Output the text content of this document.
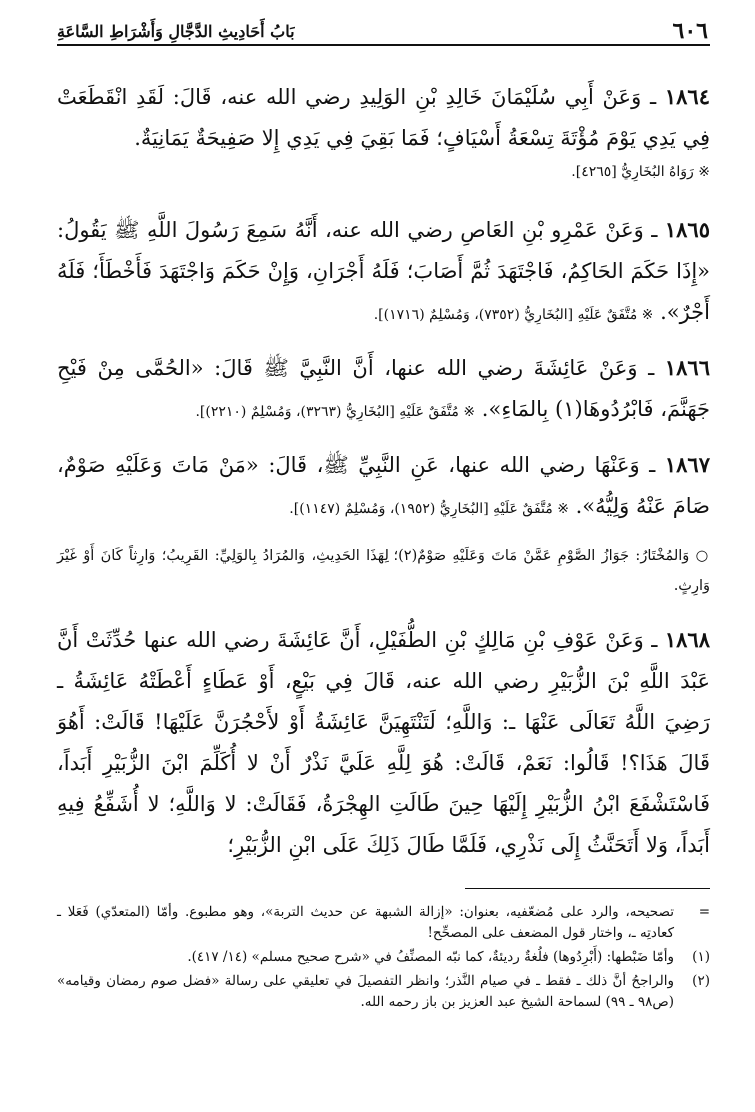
٦٠٦
بَابُ أَحَادِيثِ الدَّجَّالِ وَأَشْرَاطِ السَّاعَةِ
١٨٦٤ ـ وَعَنْ أَبِي سُلَيْمَانَ خَالِدِ بْنِ الوَلِيدِ رضي الله عنه، قَالَ: لَقَدِ انْقَطَعَتْ فِي يَدِي يَوْمَ مُؤْتَةَ تِسْعَةُ أَسْيَافٍ؛ فَمَا بَقِيَ فِي يَدِي إِلا صَفِيحَةٌ يَمَانِيَةٌ.
※ رَوَاهُ البُخَارِيُّ [٤٢٦٥].
١٨٦٥ ـ وَعَنْ عَمْرِو بْنِ العَاصِ رضي الله عنه، أَنَّهُ سَمِعَ رَسُولَ اللَّهِ ﷺ يَقُولُ: «إِذَا حَكَمَ الحَاكِمُ، فَاجْتَهَدَ ثُمَّ أَصَابَ؛ فَلَهُ أَجْرَانِ، وَإِنْ حَكَمَ وَاجْتَهَدَ فَأَخْطَأَ؛ فَلَهُ أَجْرٌ». ※ مُتَّفَقٌ عَلَيْهِ [البُخَارِيُّ (٧٣٥٢)، وَمُسْلِمٌ (١٧١٦)].
١٨٦٦ ـ وَعَنْ عَائِشَةَ رضي الله عنها، أَنَّ النَّبِيَّ ﷺ قَالَ: «الحُمَّى مِنْ فَيْحِ جَهَنَّمَ، فَابْرُدُوهَا(١) بِالمَاءِ». ※ مُتَّفَقٌ عَلَيْهِ [البُخَارِيُّ (٣٢٦٣)، وَمُسْلِمٌ (٢٢١٠)].
١٨٦٧ ـ وَعَنْهَا رضي الله عنها، عَنِ النَّبِيِّ ﷺ، قَالَ: «مَنْ مَاتَ وَعَلَيْهِ صَوْمٌ، صَامَ عَنْهُ وَلِيُّهُ». ※ مُتَّفَقٌ عَلَيْهِ [البُخَارِيُّ (١٩٥٢)، وَمُسْلِمٌ (١١٤٧)].
○ وَالمُخْتَارُ: جَوَازُ الصَّوْمِ عَمَّنْ مَاتَ وَعَلَيْهِ صَوْمٌ(٢)؛ لِهَذَا الحَدِيثِ، وَالمُرَادُ بِالوَلِيِّ: القَرِيبُ؛ وَارِثاً كَانَ أَوْ غَيْرَ وَارِثٍ.
١٨٦٨ ـ وَعَنْ عَوْفِ بْنِ مَالِكٍ بْنِ الطُّفَيْلِ، أَنَّ عَائِشَةَ رضي الله عنها حُدِّثَتْ أَنَّ عَبْدَ اللَّهِ بْنَ الزُّبَيْرِ رضي الله عنه، قَالَ فِي بَيْعٍ، أَوْ عَطَاءٍ أَعْطَتْهُ عَائِشَةُ ـ رَضِيَ اللَّهُ تَعَالَى عَنْهَا ـ: وَاللَّهِ؛ لَتَنْتَهِيَنَّ عَائِشَةُ أَوْ لأَحْجُرَنَّ عَلَيْهَا! قَالَتْ: أَهُوَ قَالَ هَذَا؟! قَالُوا: نَعَمْ، قَالَتْ: هُوَ لِلَّهِ عَلَيَّ نَذْرٌ أَنْ لا أُكَلِّمَ ابْنَ الزُّبَيْرِ أَبَداً، فَاسْتَشْفَعَ ابْنُ الزُّبَيْرِ إِلَيْهَا حِينَ طَالَتِ الهِجْرَةُ، فَقَالَتْ: لا وَاللَّهِ؛ لا أُشَفِّعُ فِيهِ أَبَداً، وَلا أَتَحَنَّثُ إِلَى نَذْرِي، فَلَمَّا طَالَ ذَلِكَ عَلَى ابْنِ الزُّبَيْرِ؛
=
تصحيحه، والرد على مُضعّفيه، بعنوان: «إزالة الشبهة عن حديث التربة»، وهو مطبوع. وأمّا (المتعدّي) فَعَلا ـ كعادتِه ـ، واختار قول المضعف على المصحِّح!
(١)
وأمّا ضَبْطها: (أَبْرِدُوها) فلُغةٌ رديئةٌ، كما نبّه المصنِّفُ في «شرح صحيح مسلم» (١٤/ ٤١٧).
(٢)
والراجحُ أنَّ ذلك ـ فقط ـ في صيام النَّذر؛ وانظر التفصيلَ في تعليقي على رسالة «فضل صوم رمضان وقيامه» (ص٩٨ ـ ٩٩) لسماحة الشيخ عبد العزيز بن باز رحمه الله.
